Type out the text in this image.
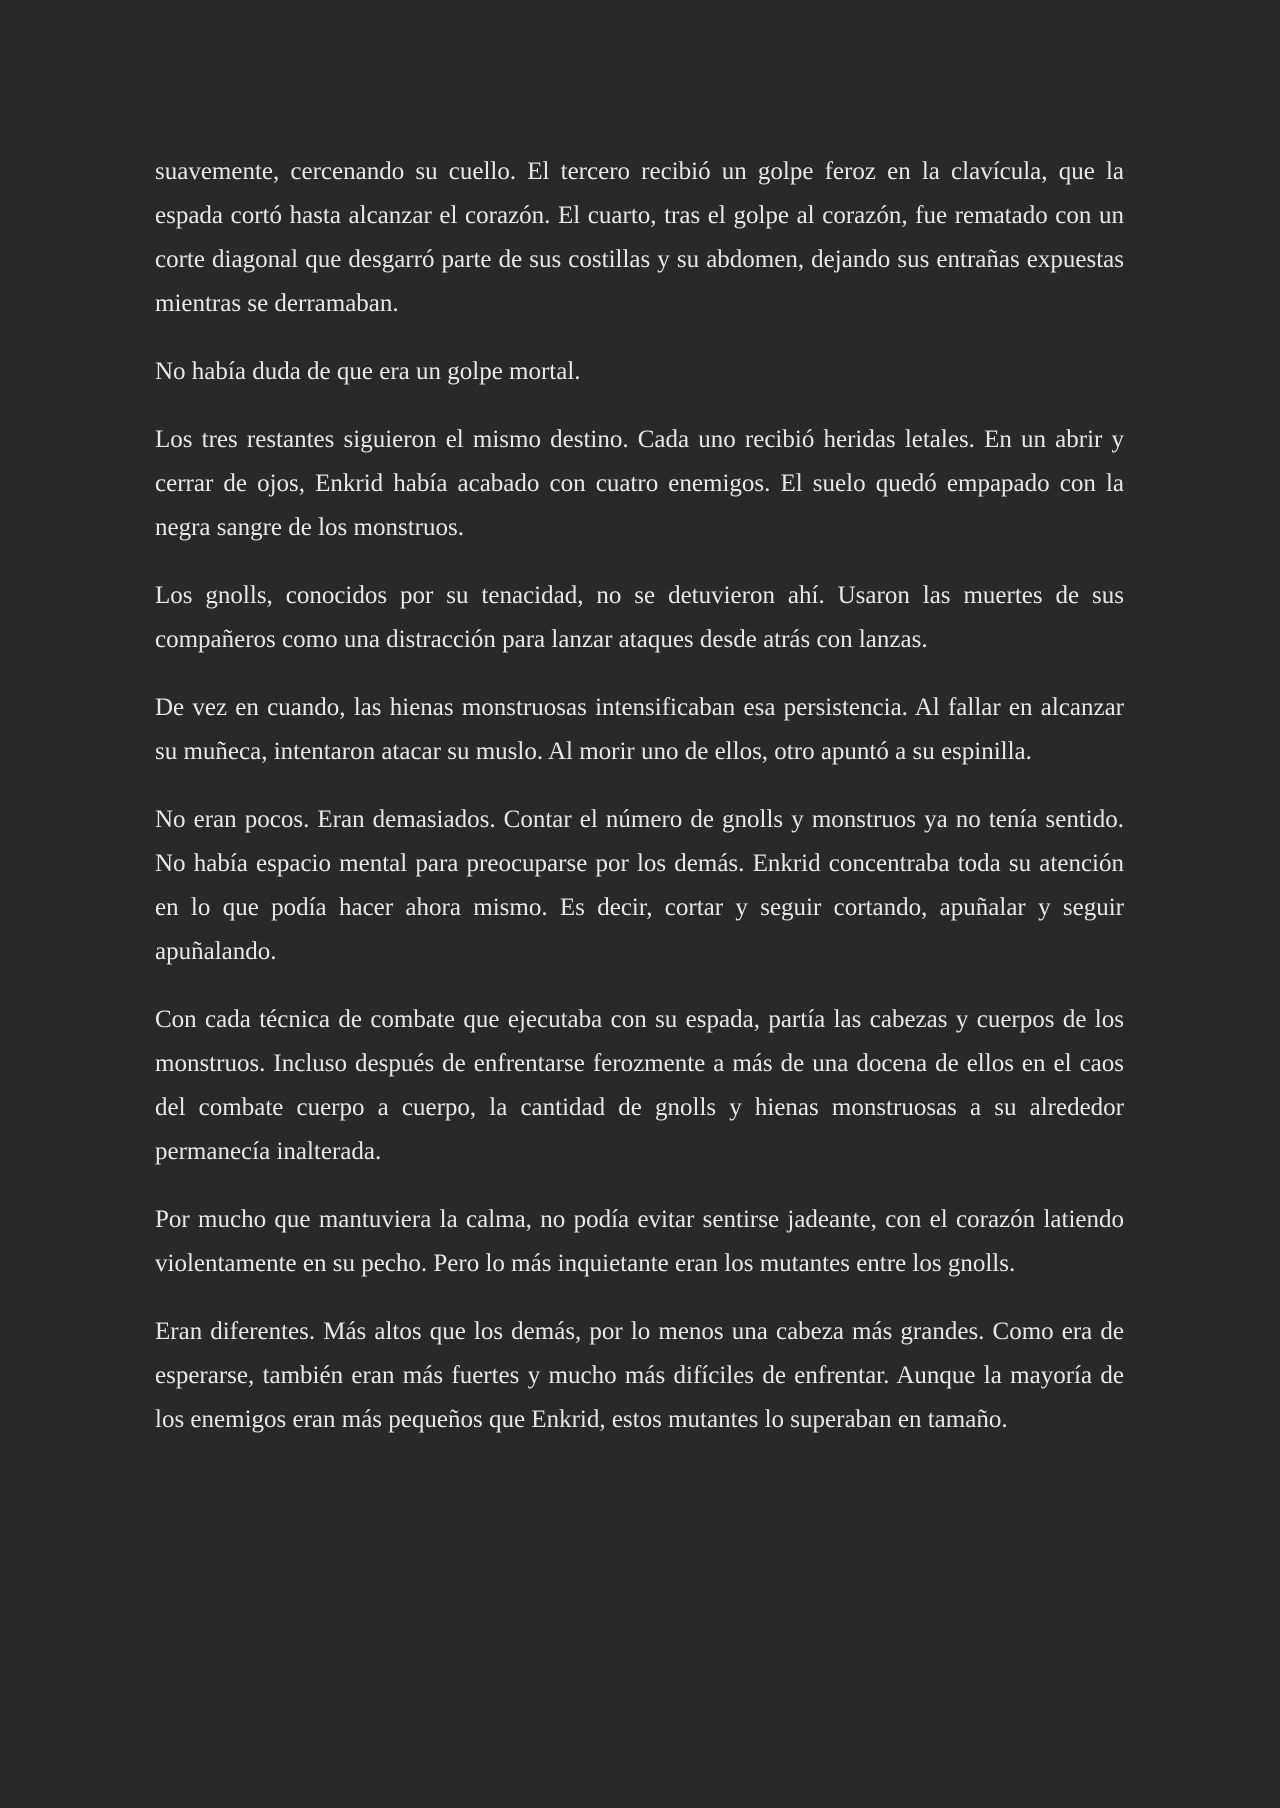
suavemente, cercenando su cuello. El tercero recibió un golpe feroz en la clavícula, que la espada cortó hasta alcanzar el corazón. El cuarto, tras el golpe al corazón, fue rematado con un corte diagonal que desgarró parte de sus costillas y su abdomen, dejando sus entrañas expuestas mientras se derramaban.

No había duda de que era un golpe mortal.

Los tres restantes siguieron el mismo destino. Cada uno recibió heridas letales. En un abrir y cerrar de ojos, Enkrid había acabado con cuatro enemigos. El suelo quedó empapado con la negra sangre de los monstruos.

Los gnolls, conocidos por su tenacidad, no se detuvieron ahí. Usaron las muertes de sus compañeros como una distracción para lanzar ataques desde atrás con lanzas.

De vez en cuando, las hienas monstruosas intensificaban esa persistencia. Al fallar en alcanzar su muñeca, intentaron atacar su muslo. Al morir uno de ellos, otro apuntó a su espinilla.

No eran pocos. Eran demasiados. Contar el número de gnolls y monstruos ya no tenía sentido. No había espacio mental para preocuparse por los demás. Enkrid concentraba toda su atención en lo que podía hacer ahora mismo. Es decir, cortar y seguir cortando, apuñalar y seguir apuñalando.

Con cada técnica de combate que ejecutaba con su espada, partía las cabezas y cuerpos de los monstruos. Incluso después de enfrentarse ferozmente a más de una docena de ellos en el caos del combate cuerpo a cuerpo, la cantidad de gnolls y hienas monstruosas a su alrededor permanecía inalterada.

Por mucho que mantuviera la calma, no podía evitar sentirse jadeante, con el corazón latiendo violentamente en su pecho. Pero lo más inquietante eran los mutantes entre los gnolls.

Eran diferentes. Más altos que los demás, por lo menos una cabeza más grandes. Como era de esperarse, también eran más fuertes y mucho más difíciles de enfrentar. Aunque la mayoría de los enemigos eran más pequeños que Enkrid, estos mutantes lo superaban en tamaño.
